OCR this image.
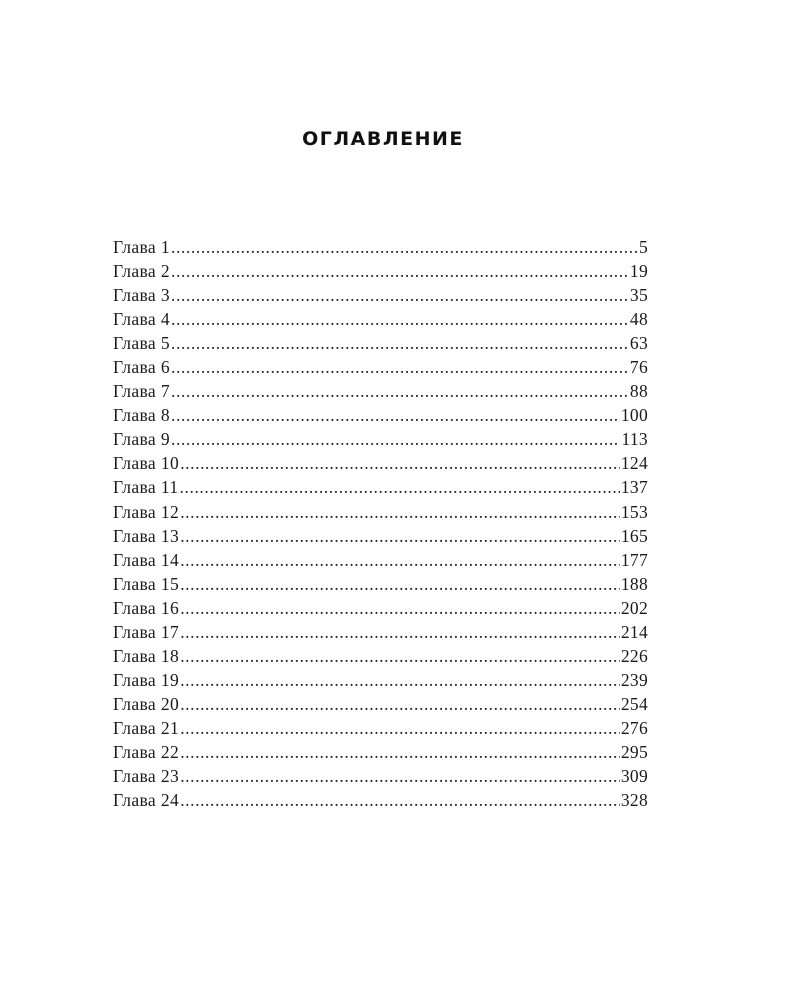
ОГЛАВЛЕНИЕ
Глава 1 .....	5
Глава 2 .....	19
Глава 3 .....	35
Глава 4 .....	48
Глава 5 .....	63
Глава 6 .....	76
Глава 7 .....	88
Глава 8 .....	100
Глава 9 .....	113
Глава 10 .....	124
Глава 11 .....	137
Глава 12 .....	153
Глава 13 .....	165
Глава 14 .....	177
Глава 15 .....	188
Глава 16 .....	202
Глава 17 .....	214
Глава 18 .....	226
Глава 19 .....	239
Глава 20 .....	254
Глава 21 .....	276
Глава 22 .....	295
Глава 23 .....	309
Глава 24 .....	328
